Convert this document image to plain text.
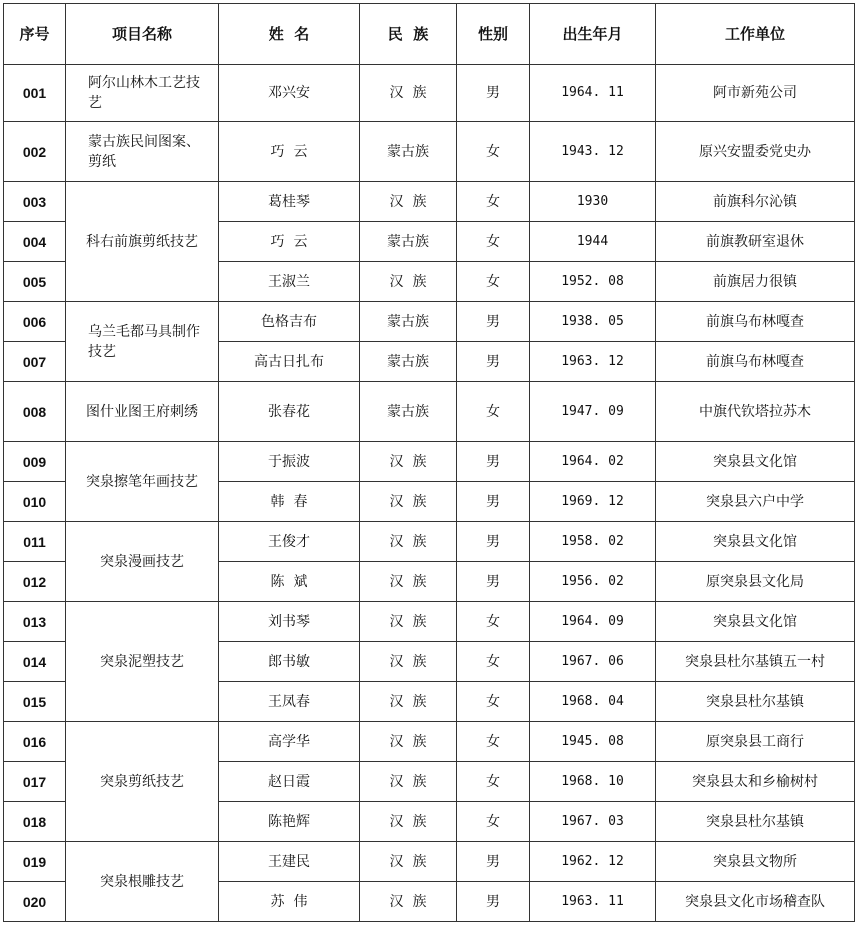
序号	项目名称	姓  名	民  族	性别	出生年月	工作单位
001	阿尔山林木工艺技艺	邓兴安	汉  族	男	1964. 11	阿市新苑公司
002	蒙古族民间图案、剪纸	巧  云	蒙古族	女	1943. 12	原兴安盟委党史办
003	科右前旗剪纸技艺	葛桂琴	汉  族	女	1930	前旗科尔沁镇
004		巧  云	蒙古族	女	1944	前旗教研室退休
005		王淑兰	汉  族	女	1952. 08	前旗居力很镇
006	乌兰毛都马具制作技艺	色格吉布	蒙古族	男	1938. 05	前旗乌布林嘎查
007		高古日扎布	蒙古族	男	1963. 12	前旗乌布林嘎查
008	图什业图王府刺绣	张春花	蒙古族	女	1947. 09	中旗代钦塔拉苏木
009	突泉擦笔年画技艺	于振波	汉  族	男	1964. 02	突泉县文化馆
010		韩  春	汉  族	男	1969. 12	突泉县六户中学
011	突泉漫画技艺	王俊才	汉  族	男	1958. 02	突泉县文化馆
012		陈  斌	汉  族	男	1956. 02	原突泉县文化局
013	突泉泥塑技艺	刘书琴	汉  族	女	1964. 09	突泉县文化馆
014		郎书敏	汉  族	女	1967. 06	突泉县杜尔基镇五一村
015		王凤春	汉  族	女	1968. 04	突泉县杜尔基镇
016	突泉剪纸技艺	高学华	汉  族	女	1945. 08	原突泉县工商行
017		赵日霞	汉  族	女	1968. 10	突泉县太和乡榆树村
018		陈艳辉	汉  族	女	1967. 03	突泉县杜尔基镇
019	突泉根雕技艺	王建民	汉  族	男	1962. 12	突泉县文物所
020		苏  伟	汉  族	男	1963. 11	突泉县文化市场稽查队
